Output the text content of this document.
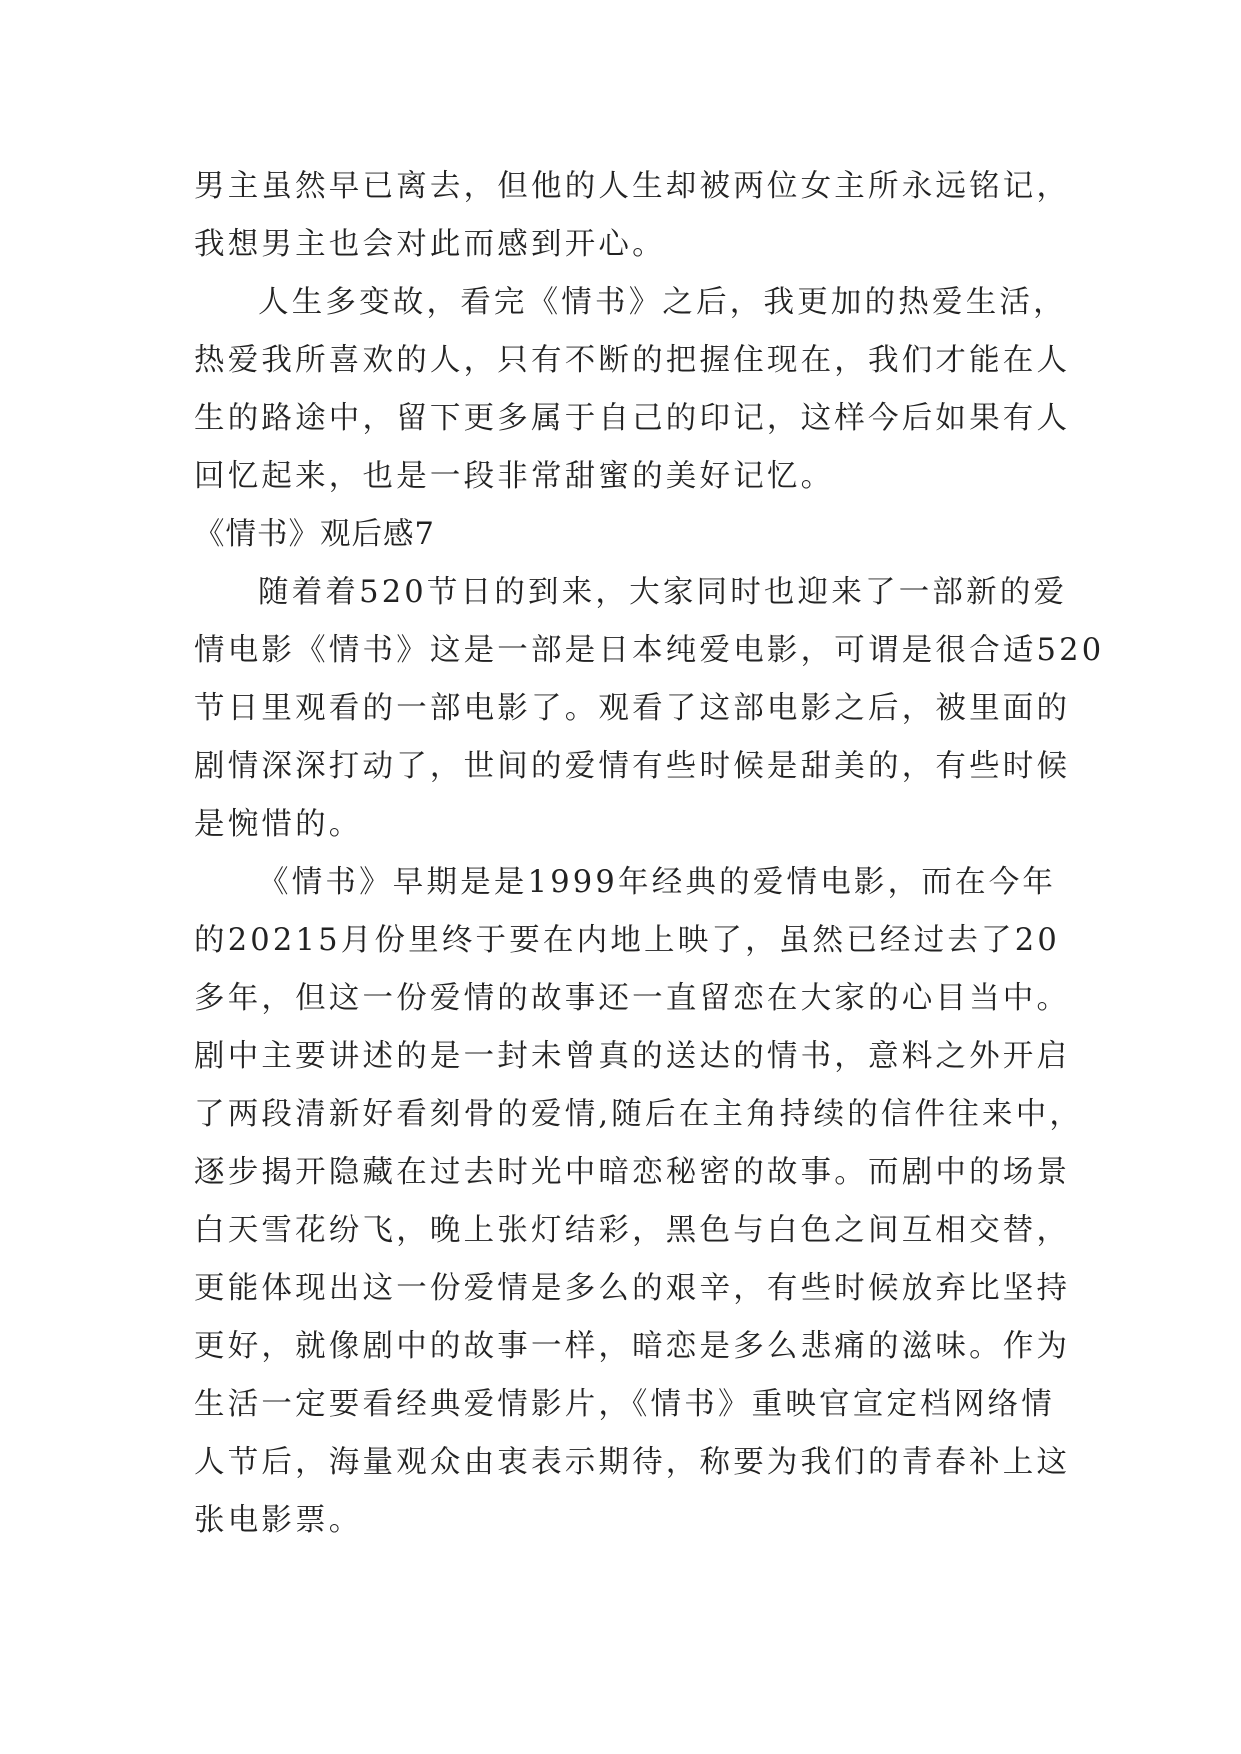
男主虽然早已离去，但他的人生却被两位女主所永远铭记，
我想男主也会对此而感到开心。
人生多变故，看完《情书》之后，我更加的热爱生活，
热爱我所喜欢的人，只有不断的把握住现在，我们才能在人
生的路途中，留下更多属于自己的印记，这样今后如果有人
回忆起来，也是一段非常甜蜜的美好记忆。
《情书》观后感7
随着着520节日的到来，大家同时也迎来了一部新的爱
情电影《情书》这是一部是日本纯爱电影，可谓是很合适520
节日里观看的一部电影了。观看了这部电影之后，被里面的
剧情深深打动了，世间的爱情有些时候是甜美的，有些时候
是惋惜的。
《情书》早期是是1999年经典的爱情电影，而在今年
的20215月份里终于要在内地上映了，虽然已经过去了20
多年，但这一份爱情的故事还一直留恋在大家的心目当中。
剧中主要讲述的是一封未曾真的送达的情书，意料之外开启
了两段清新好看刻骨的爱情,随后在主角持续的信件往来中，
逐步揭开隐藏在过去时光中暗恋秘密的故事。而剧中的场景
白天雪花纷飞，晚上张灯结彩，黑色与白色之间互相交替，
更能体现出这一份爱情是多么的艰辛，有些时候放弃比坚持
更好，就像剧中的故事一样，暗恋是多么悲痛的滋味。作为
生活一定要看经典爱情影片，《情书》重映官宣定档网络情
人节后，海量观众由衷表示期待，称要为我们的青春补上这
张电影票。
